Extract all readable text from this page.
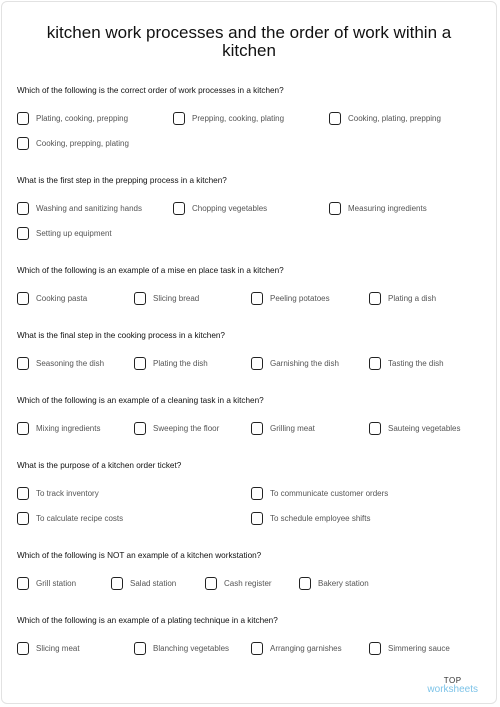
kitchen work processes and the order of work within a kitchen
Which of the following is the correct order of work processes in a kitchen?
Plating, cooking, prepping	Prepping, cooking, plating	Cooking, plating, prepping
Cooking, prepping, plating
What is the first step in the prepping process in a kitchen?
Washing and sanitizing hands	Chopping vegetables	Measuring ingredients
Setting up equipment
Which of the following is an example of a mise en place task in a kitchen?
Cooking pasta	Slicing bread	Peeling potatoes	Plating a dish
What is the final step in the cooking process in a kitchen?
Seasoning the dish	Plating the dish	Garnishing the dish	Tasting the dish
Which of the following is an example of a cleaning task in a kitchen?
Mixing ingredients	Sweeping the floor	Grilling meat	Sauteing vegetables
What is the purpose of a kitchen order ticket?
To track inventory	To communicate customer orders
To calculate recipe costs	To schedule employee shifts
Which of the following is NOT an example of a kitchen workstation?
Grill station	Salad station	Cash register	Bakery station
Which of the following is an example of a plating technique in a kitchen?
Slicing meat	Blanching vegetables	Arranging garnishes	Simmering sauce
TOP
worksheets
